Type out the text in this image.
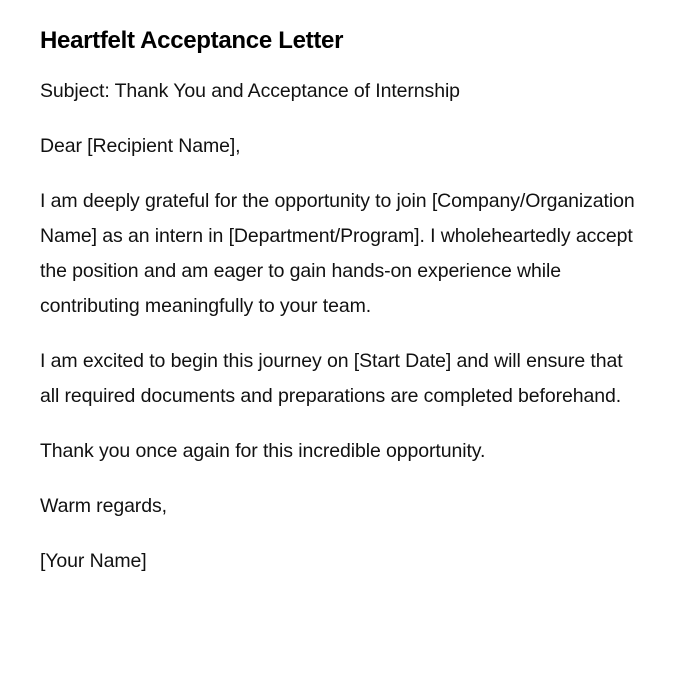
Heartfelt Acceptance Letter

Subject: Thank You and Acceptance of Internship

Dear [Recipient Name],

I am deeply grateful for the opportunity to join [Company/Organization Name] as an intern in [Department/Program]. I wholeheartedly accept the position and am eager to gain hands-on experience while contributing meaningfully to your team.

I am excited to begin this journey on [Start Date] and will ensure that all required documents and preparations are completed beforehand.

Thank you once again for this incredible opportunity.

Warm regards,

[Your Name]
